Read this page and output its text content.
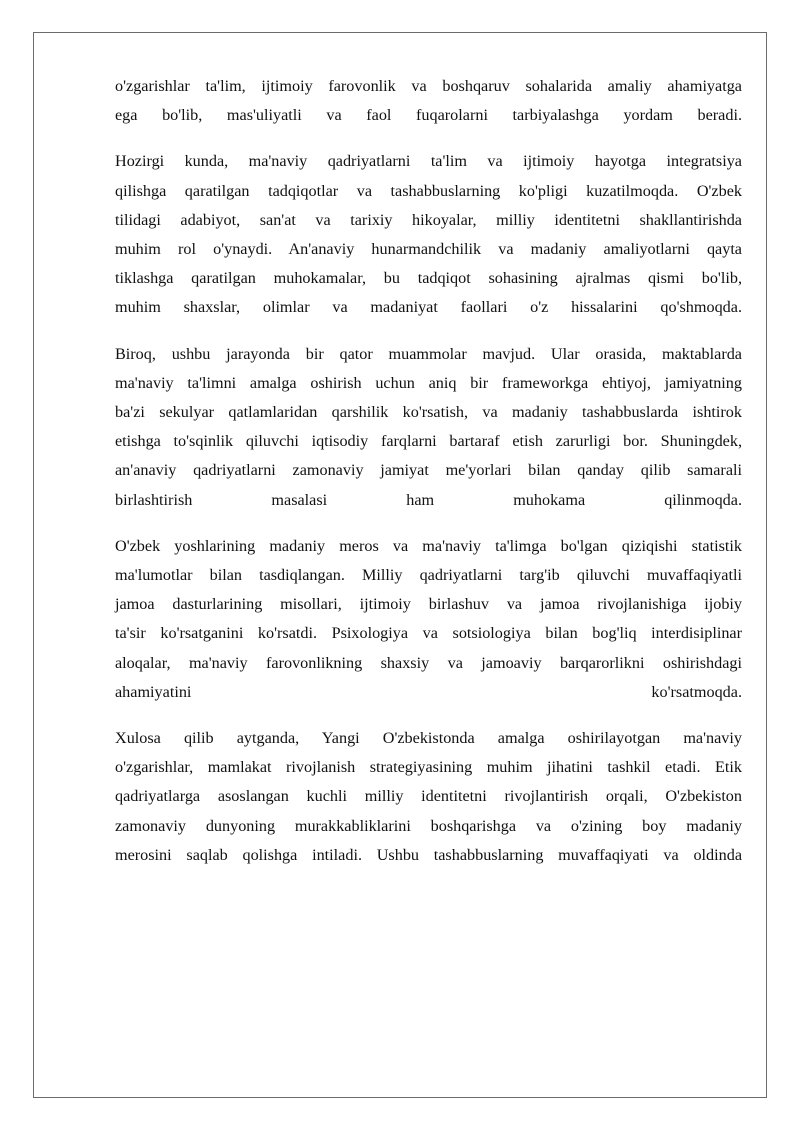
o'zgarishlar ta'lim, ijtimoiy farovonlik va boshqaruv sohalarida amaliy ahamiyatga
ega bo'lib, mas'uliyatli va faol fuqarolarni tarbiyalashga yordam beradi.

Hozirgi kunda, ma'naviy qadriyatlarni ta'lim va ijtimoiy hayotga integratsiya
qilishga qaratilgan tadqiqotlar va tashabbuslarning ko'pligi kuzatilmoqda. O'zbek
tilidagi adabiyot, san'at va tarixiy hikoyalar, milliy identitetni shakllantirishda
muhim rol o'ynaydi. An'anaviy hunarmandchilik va madaniy amaliyotlarni qayta
tiklashga qaratilgan muhokamalar, bu tadqiqot sohasining ajralmas qismi bo'lib,
muhim shaxslar, olimlar va madaniyat faollari o'z hissalarini qo'shmoqda.

Biroq, ushbu jarayonda bir qator muammolar mavjud. Ular orasida, maktablarda
ma'naviy ta'limni amalga oshirish uchun aniq bir frameworkga ehtiyoj, jamiyatning
ba'zi sekulyar qatlamlaridan qarshilik ko'rsatish, va madaniy tashabbuslarda ishtirok
etishga to'sqinlik qiluvchi iqtisodiy farqlarni bartaraf etish zarurligi bor. Shuningdek,
an'anaviy qadriyatlarni zamonaviy jamiyat me'yorlari bilan qanday qilib samarali
birlashtirish masalasi ham muhokama qilinmoqda.

O'zbek yoshlarining madaniy meros va ma'naviy ta'limga bo'lgan qiziqishi statistik
ma'lumotlar bilan tasdiqlangan. Milliy qadriyatlarni targ'ib qiluvchi muvaffaqiyatli
jamoa dasturlarining misollari, ijtimoiy birlashuv va jamoa rivojlanishiga ijobiy
ta'sir ko'rsatganini ko'rsatdi. Psixologiya va sotsiologiya bilan bog'liq interdisiplinar
aloqalar, ma'naviy farovonlikning shaxsiy va jamoaviy barqarorlikni oshirishdagi
ahamiyatini ko'rsatmoqda.

Xulosa qilib aytganda, Yangi O'zbekistonda amalga oshirilayotgan ma'naviy
o'zgarishlar, mamlakat rivojlanish strategiyasining muhim jihatini tashkil etadi. Etik
qadriyatlarga asoslangan kuchli milliy identitetni rivojlantirish orqali, O'zbekiston
zamonaviy dunyoning murakkabliklarini boshqarishga va o'zining boy madaniy
merosini saqlab qolishga intiladi. Ushbu tashabbuslarning muvaffaqiyati va oldinda
